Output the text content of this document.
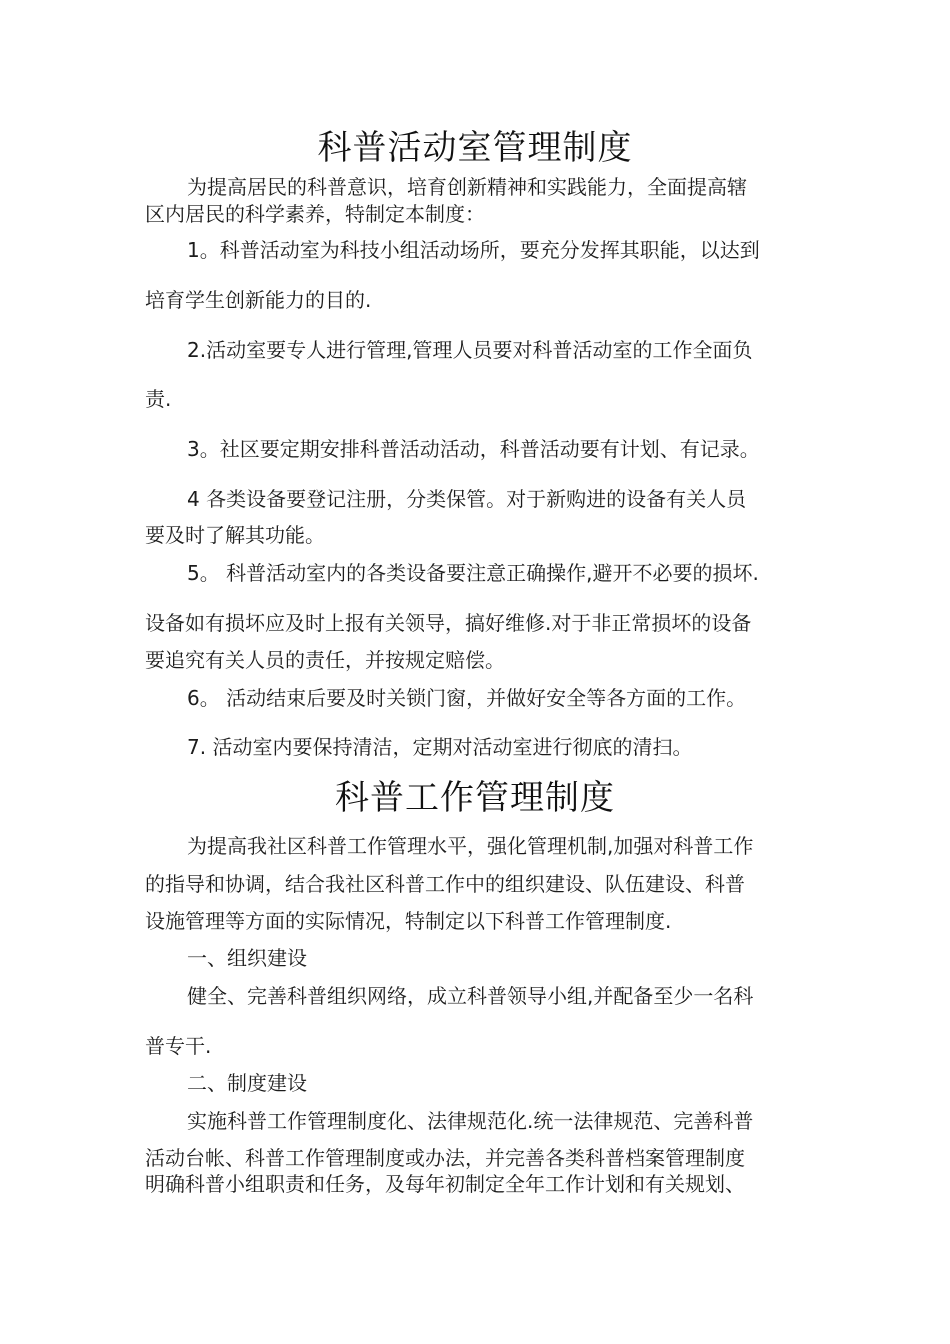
科普活动室管理制度
为提高居民的科普意识，培育创新精神和实践能力，全面提高辖
区内居民的科学素养，特制定本制度：
1。科普活动室为科技小组活动场所，要充分发挥其职能，以达到
培育学生创新能力的目的.
2.活动室要专人进行管理,管理人员要对科普活动室的工作全面负
责.
3。社区要定期安排科普活动活动，科普活动要有计划、有记录。
4 各类设备要登记注册，分类保管。对于新购进的设备有关人员
要及时了解其功能。
5。 科普活动室内的各类设备要注意正确操作,避开不必要的损坏.
设备如有损坏应及时上报有关领导，搞好维修.对于非正常损坏的设备
要追究有关人员的责任，并按规定赔偿。
6。 活动结束后要及时关锁门窗，并做好安全等各方面的工作。
7. 活动室内要保持清洁，定期对活动室进行彻底的清扫。
科普工作管理制度
为提高我社区科普工作管理水平，强化管理机制,加强对科普工作
的指导和协调，结合我社区科普工作中的组织建设、队伍建设、科普
设施管理等方面的实际情况，特制定以下科普工作管理制度.
一、组织建设
健全、完善科普组织网络，成立科普领导小组,并配备至少一名科
普专干.
二、制度建设
实施科普工作管理制度化、法律规范化.统一法律规范、完善科普
活动台帐、科普工作管理制度或办法，并完善各类科普档案管理制度
明确科普小组职责和任务，及每年初制定全年工作计划和有关规划、
